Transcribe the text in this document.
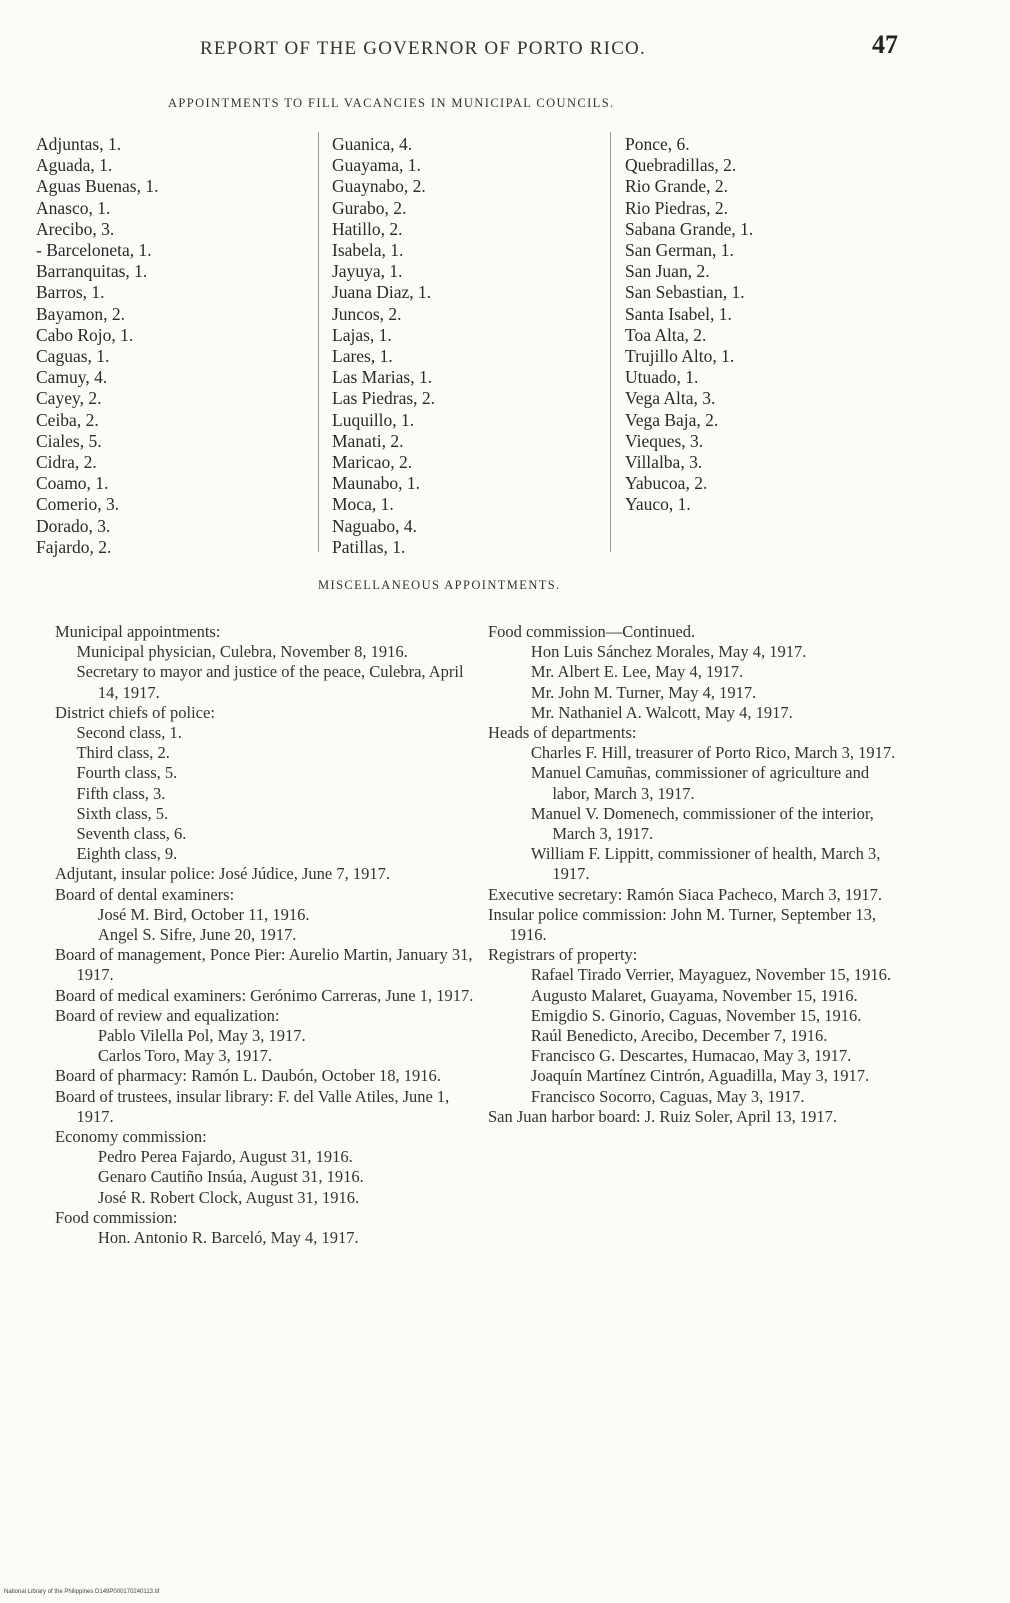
REPORT OF THE GOVERNOR OF PORTO RICO.	47
APPOINTMENTS TO FILL VACANCIES IN MUNICIPAL COUNCILS.
Adjuntas, 1.
Aguada, 1.
Aguas Buenas, 1.
Anasco, 1.
Arecibo, 3.
- Barceloneta, 1.
Barranquitas, 1.
Barros, 1.
Bayamon, 2.
Cabo Rojo, 1.
Caguas, 1.
Camuy, 4.
Cayey, 2.
Ceiba, 2.
Ciales, 5.
Cidra, 2.
Coamo, 1.
Comerio, 3.
Dorado, 3.
Fajardo, 2.
Guanica, 4.
Guayama, 1.
Guaynabo, 2.
Gurabo, 2.
Hatillo, 2.
Isabela, 1.
Jayuya, 1.
Juana Diaz, 1.
Juncos, 2.
Lajas, 1.
Lares, 1.
Las Marias, 1.
Las Piedras, 2.
Luquillo, 1.
Manati, 2.
Maricao, 2.
Maunabo, 1.
Moca, 1.
Naguabo, 4.
Patillas, 1.
Ponce, 6.
Quebradillas, 2.
Rio Grande, 2.
Rio Piedras, 2.
Sabana Grande, 1.
San German, 1.
San Juan, 2.
San Sebastian, 1.
Santa Isabel, 1.
Toa Alta, 2.
Trujillo Alto, 1.
Utuado, 1.
Vega Alta, 3.
Vega Baja, 2.
Vieques, 3.
Villalba, 3.
Yabucoa, 2.
Yauco, 1.
MISCELLANEOUS APPOINTMENTS.
Municipal appointments:
Municipal physician, Culebra, November 8, 1916.
Secretary to mayor and justice of the peace, Culebra, April 14, 1917.
District chiefs of police:
Second class, 1.
Third class, 2.
Fourth class, 5.
Fifth class, 3.
Sixth class, 5.
Seventh class, 6.
Eighth class, 9.
Adjutant, insular police: José Júdice, June 7, 1917.
Board of dental examiners:
José M. Bird, October 11, 1916.
Angel S. Sifre, June 20, 1917.
Board of management, Ponce Pier: Aurelio Martin, January 31, 1917.
Board of medical examiners: Gerónimo Carreras, June 1, 1917.
Board of review and equalization:
Pablo Vilella Pol, May 3, 1917.
Carlos Toro, May 3, 1917.
Board of pharmacy: Ramón L. Daubón, October 18, 1916.
Board of trustees, insular library: F. del Valle Atiles, June 1, 1917.
Economy commission:
Pedro Perea Fajardo, August 31, 1916.
Genaro Cautiño Insúa, August 31, 1916.
José R. Robert Clock, August 31, 1916.
Food commission:
Hon. Antonio R. Barceló, May 4, 1917.
Food commission—Continued.
Hon Luis Sánchez Morales, May 4, 1917.
Mr. Albert E. Lee, May 4, 1917.
Mr. John M. Turner, May 4, 1917.
Mr. Nathaniel A. Walcott, May 4, 1917.
Heads of departments:
Charles F. Hill, treasurer of Porto Rico, March 3, 1917.
Manuel Camuñas, commissioner of agriculture and labor, March 3, 1917.
Manuel V. Domenech, commissioner of the interior, March 3, 1917.
William F. Lippitt, commissioner of health, March 3, 1917.
Executive secretary: Ramón Siaca Pacheco, March 3, 1917.
Insular police commission: John M. Turner, September 13, 1916.
Registrars of property:
Rafael Tirado Verrier, Mayaguez, November 15, 1916.
Augusto Malaret, Guayama, November 15, 1916.
Emigdio S. Ginorio, Caguas, November 15, 1916.
Raúl Benedicto, Arecibo, December 7, 1916.
Francisco G. Descartes, Humacao, May 3, 1917.
Joaquín Martínez Cintrón, Aguadilla, May 3, 1917.
Francisco Socorro, Caguas, May 3, 1917.
San Juan harbor board: J. Ruiz Soler, April 13, 1917.
National Library of the Philippines D149P000170240113.tif
